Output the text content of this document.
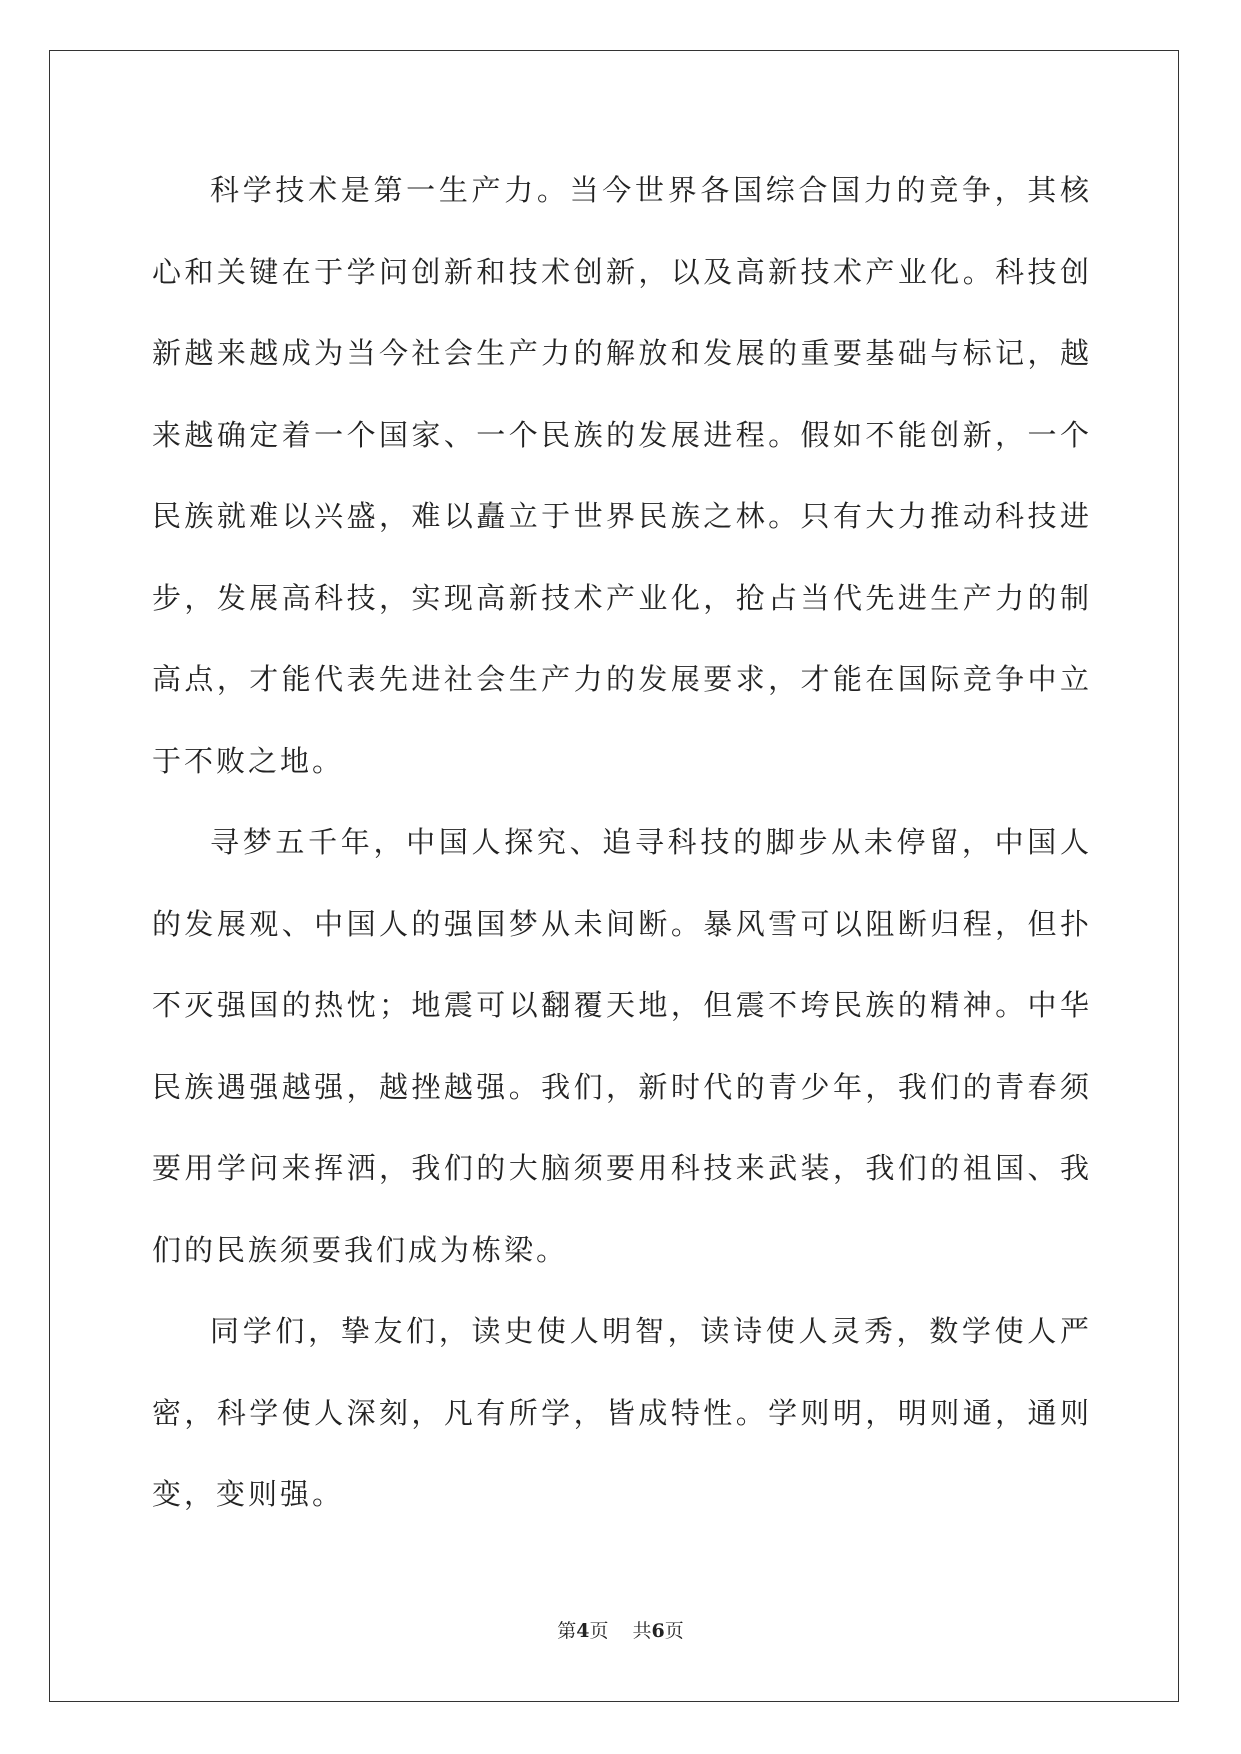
科学技术是第一生产力。当今世界各国综合国力的竞争，其核心和关键在于学问创新和技术创新，以及高新技术产业化。科技创新越来越成为当今社会生产力的解放和发展的重要基础与标记，越来越确定着一个国家、一个民族的发展进程。假如不能创新，一个民族就难以兴盛，难以矗立于世界民族之林。只有大力推动科技进步，发展高科技，实现高新技术产业化，抢占当代先进生产力的制高点，才能代表先进社会生产力的发展要求，才能在国际竞争中立于不败之地。

寻梦五千年，中国人探究、追寻科技的脚步从未停留，中国人的发展观、中国人的强国梦从未间断。暴风雪可以阻断归程，但扑不灭强国的热忱；地震可以翻覆天地，但震不垮民族的精神。中华民族遇强越强，越挫越强。我们，新时代的青少年，我们的青春须要用学问来挥洒，我们的大脑须要用科技来武装，我们的祖国、我们的民族须要我们成为栋梁。

同学们，挚友们，读史使人明智，读诗使人灵秀，数学使人严密，科学使人深刻，凡有所学，皆成特性。学则明，明则通，通则变，变则强。

第4页 共6页
